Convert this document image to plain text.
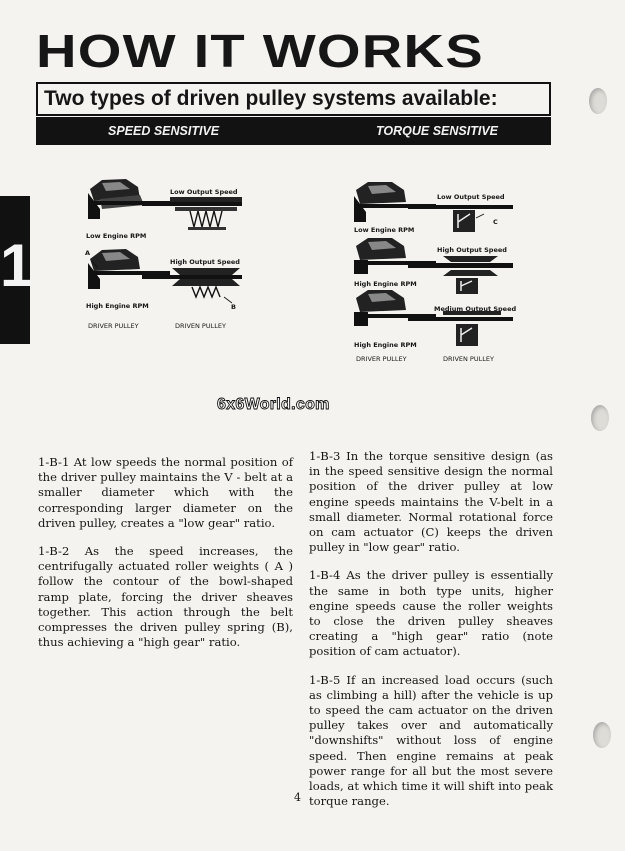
HOW IT WORKS
Two types of driven pulley systems available:
SPEED SENSITIVE	TORQUE SENSITIVE
1
Low Output Speed
Low Engine RPM
High Output Speed
A
B
High Engine RPM
DRIVER PULLEY	DRIVEN PULLEY
Low Output Speed
C
Low Engine RPM
High Output Speed
High Engine RPM
Medium Output Speed
High Engine RPM
DRIVER PULLEY	DRIVEN PULLEY
6x6World.com

1-B-1 At low speeds the normal position of the driver pulley maintains the V - belt at a smaller diameter which with the corresponding larger diameter on the driven pulley, creates a "low gear" ratio.

1-B-2 As the speed increases, the centrifugally actuated roller weights ( A ) follow the contour of the bowl-shaped ramp plate, forcing the driver sheaves together. This action through the belt compresses the driven pulley spring (B), thus achieving a "high gear" ratio.

1-B-3 In the torque sensitive design (as in the speed sensitive design the normal position of the driver pulley at low engine speeds maintains the V-belt in a small diameter. Normal rotational force on cam actuator (C) keeps the driven pulley in "low gear" ratio.

1-B-4 As the driver pulley is essentially the same in both type units, higher engine speeds cause the roller weights to close the driven pulley sheaves creating a "high gear" ratio (note position of cam actuator).

1-B-5 If an increased load occurs (such as climbing a hill) after the vehicle is up to speed the cam actuator on the driven pulley takes over and automatically "downshifts" without loss of engine speed. Then engine remains at peak power range for all but the most severe loads, at which time it will shift into peak torque range.

4
